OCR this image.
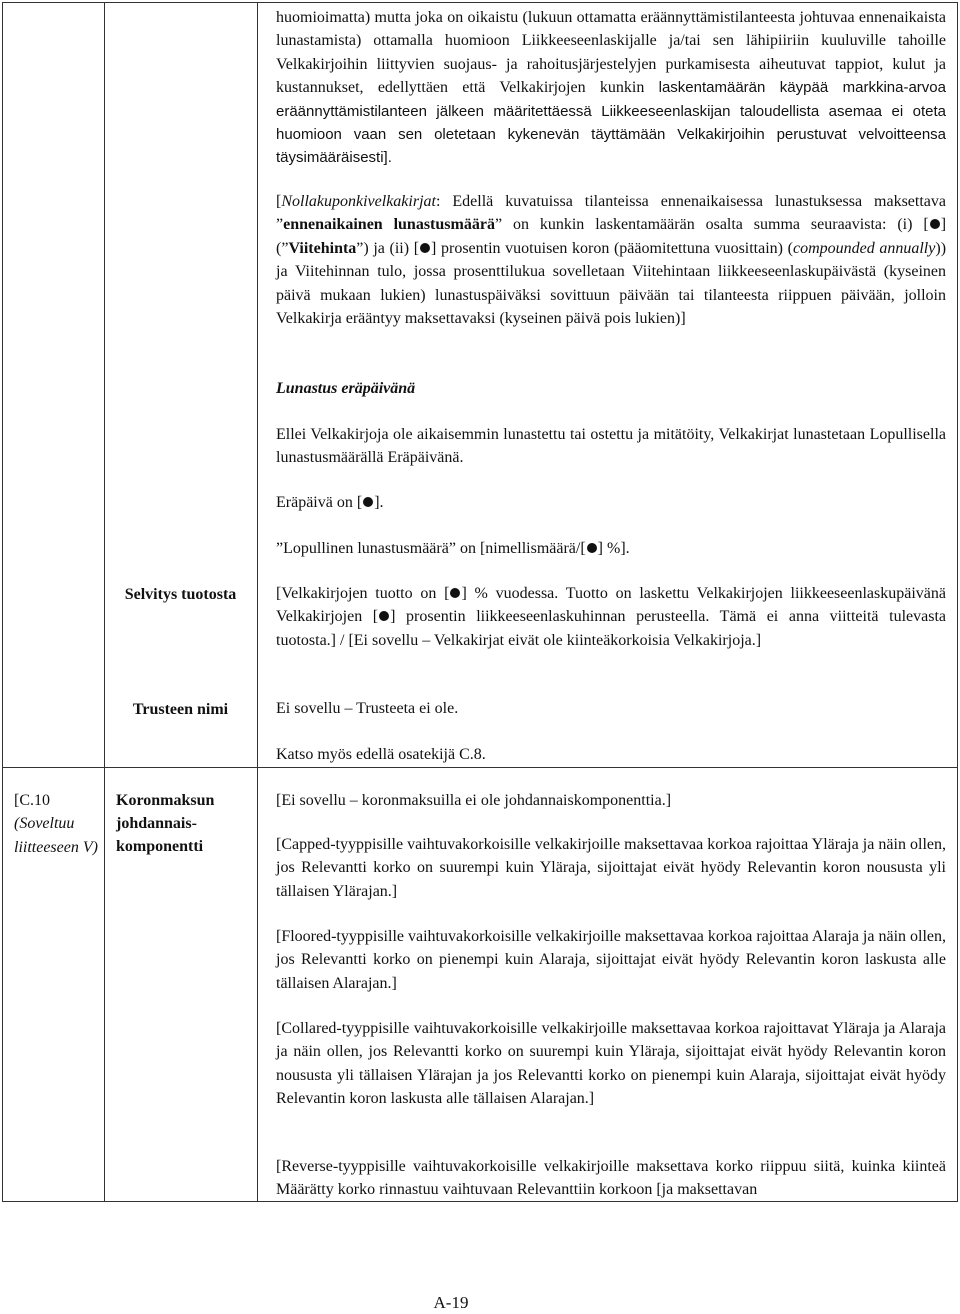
huomioimatta) mutta joka on oikaistu (lukuun ottamatta eräännyttämistilanteesta johtuvaa ennenaikaista lunastamista) ottamalla huomioon Liikkeeseenlaskijalle ja/tai sen lähipiiriin kuuluville tahoille Velkakirjoihin liittyvien suojaus- ja rahoitusjärjestelyjen purkamisesta aiheutuvat tappiot, kulut ja kustannukset, edellyttäen että Velkakirjojen kunkin laskentamäärän käypää markkina-arvoa eräännyttämistilanteen jälkeen määritettäessä Liikkeeseenlaskijan taloudellista asemaa ei oteta huomioon vaan sen oletetaan kykenevän täyttämään Velkakirjoihin perustuvat velvoitteensa täysimääräisesti].
[Nollakuponkivelkakirjat: Edellä kuvatuissa tilanteissa ennenaikaisessa lunastuksessa maksettava ”ennenaikainen lunastusmäärä” on kunkin laskentamäärän osalta summa seuraavista: (i) [ ] (”Viitehinta”) ja (ii) [ ] prosentin vuotuisen koron (pääomitettuna vuosittain) (compounded annually)) ja Viitehinnan tulo, jossa prosenttilukua sovelletaan Viitehintaan liikkeeseenlaskupäivästä (kyseinen päivä mukaan lukien) lunastuspäiväksi sovittuun päivään tai tilanteesta riippuen päivään, jolloin Velkakirja erääntyy maksettavaksi (kyseinen päivä pois lukien)]
Lunastus eräpäivänä
Ellei Velkakirjoja ole aikaisemmin lunastettu tai ostettu ja mitätöity, Velkakirjat lunastetaan Lopullisella lunastusmäärällä Eräpäivänä.
Eräpäivä on [ ].
”Lopullinen lunastusmäärä” on [nimellismäärä/[ ] %].
Selvitys tuotosta	[Velkakirjojen tuotto on [ ] % vuodessa. Tuotto on laskettu Velkakirjojen liikkeeseenlaskupäivänä Velkakirjojen [ ] prosentin liikkeeseenlaskuhinnan perusteella. Tämä ei anna viitteitä tulevasta tuotosta.] / [Ei sovellu – Velkakirjat eivät ole kiinteäkorkoisia Velkakirjoja.]
Trusteen nimi	Ei sovellu – Trusteeta ei ole.
Katso myös edellä osatekijä C.8.
[C.10
(Soveltuu liitteeseen V)
Koronmaksun johdannais-komponentti
[Ei sovellu – koronmaksuilla ei ole johdannaiskomponenttia.]
[Capped-tyyppisille vaihtuvakorkoisille velkakirjoille maksettavaa korkoa rajoittaa Yläraja ja näin ollen, jos Relevantti korko on suurempi kuin Yläraja, sijoittajat eivät hyödy Relevantin koron noususta yli tällaisen Ylärajan.]
[Floored-tyyppisille vaihtuvakorkoisille velkakirjoille maksettavaa korkoa rajoittaa Alaraja ja näin ollen, jos Relevantti korko on pienempi kuin Alaraja, sijoittajat eivät hyödy Relevantin koron laskusta alle tällaisen Alarajan.]
[Collared-tyyppisille vaihtuvakorkoisille velkakirjoille maksettavaa korkoa rajoittavat Yläraja ja Alaraja ja näin ollen, jos Relevantti korko on suurempi kuin Yläraja, sijoittajat eivät hyödy Relevantin koron noususta yli tällaisen Ylärajan ja jos Relevantti korko on pienempi kuin Alaraja, sijoittajat eivät hyödy Relevantin koron laskusta alle tällaisen Alarajan.]
[Reverse-tyyppisille vaihtuvakorkoisille velkakirjoille maksettava korko riippuu siitä, kuinka kiinteä Määrätty korko rinnastuu vaihtuvaan Relevanttiin korkoon [ja maksettavan
A-19
